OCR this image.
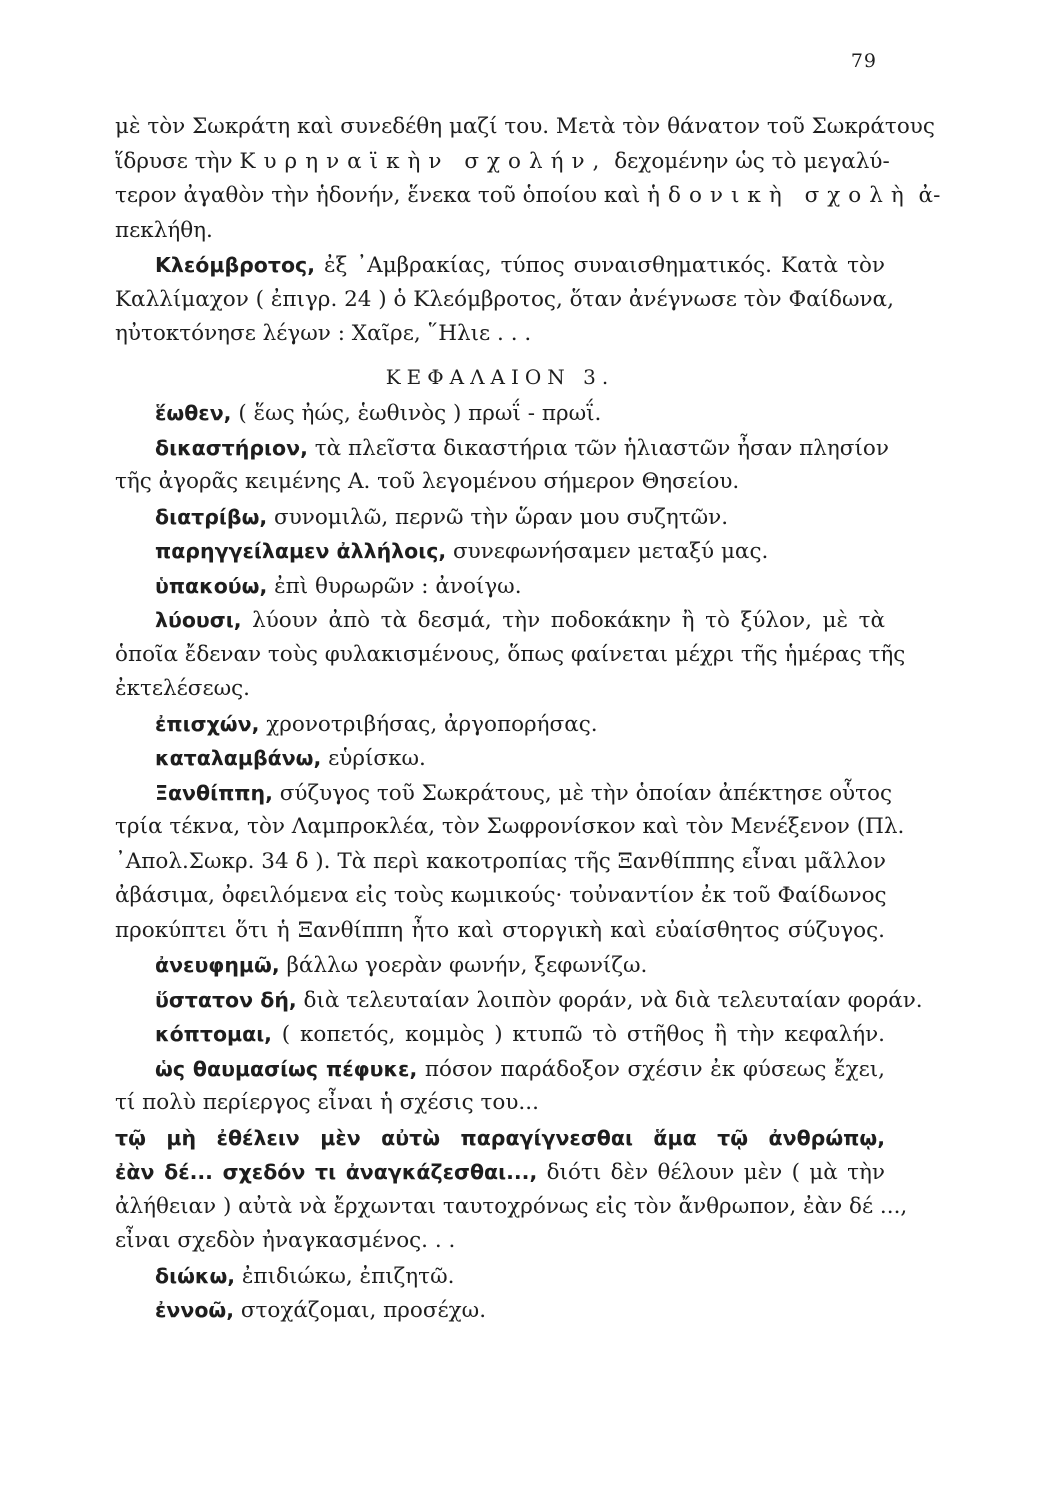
79
μὲ τὸν Σωκράτη καὶ συνεδέθη μαζί του. Μετὰ τὸν θάνατον τοῦ Σωκράτους
ἵδρυσε τὴν Κυρηναϊκὴν σχολήν, δεχομένην ὡς τὸ μεγαλύ-
τερον ἀγαθὸν τὴν ἡδονήν, ἕνεκα τοῦ ὁποίου καὶ ἡδονικὴ σχολὴ ἀ-
πεκλήθη.
Κλεόμβροτος, ἐξ ᾿Αμβρακίας, τύπος συναισθηματικός. Κατὰ τὸν
Καλλίμαχον ( ἐπιγρ. 24 ) ὁ Κλεόμβροτος, ὅταν ἀνέγνωσε τὸν Φαίδωνα,
ηὐτοκτόνησε λέγων : Χαῖρε, ῞Ηλιε . . .
ΚΕΦΑΛΑΙΟΝ 3.
ἕωθεν, ( ἕως ἠώς, ἑωθινὸς ) πρωΐ - πρωΐ.
δικαστήριον, τὰ πλεῖστα δικαστήρια τῶν ἡλιαστῶν ἦσαν πλησίον
τῆς ἀγορᾶς κειμένης Α. τοῦ λεγομένου σήμερον Θησείου.
διατρίβω, συνομιλῶ, περνῶ τὴν ὥραν μου συζητῶν.
παρηγγείλαμεν ἀλλήλοις, συνεφωνήσαμεν μεταξύ μας.
ὑπακούω, ἐπὶ θυρωρῶν : ἀνοίγω.
λύουσι, λύουν ἀπὸ τὰ δεσμά, τὴν ποδοκάκην ἢ τὸ ξύλον, μὲ τὰ
ὁποῖα ἔδεναν τοὺς φυλακισμένους, ὅπως φαίνεται μέχρι τῆς ἡμέρας τῆς
ἐκτελέσεως.
ἐπισχών, χρονοτριβήσας, ἀργοπορήσας.
καταλαμβάνω, εὑρίσκω.
Ξανθίππη, σύζυγος τοῦ Σωκράτους, μὲ τὴν ὁποίαν ἀπέκτησε οὗτος
τρία τέκνα, τὸν Λαμπροκλέα, τὸν Σωφρονίσκον καὶ τὸν Μενέξενον (Πλ.
᾿Απολ.Σωκρ. 34 δ ). Τὰ περὶ κακοτροπίας τῆς Ξανθίππης εἶναι μᾶλλον
ἀβάσιμα, ὀφειλόμενα εἰς τοὺς κωμικούς· τοὐναντίον ἐκ τοῦ Φαίδωνος
προκύπτει ὅτι ἡ Ξανθίππη ἦτο καὶ στοργικὴ καὶ εὐαίσθητος σύζυγος.
ἀνευφημῶ, βάλλω γοερὰν φωνήν, ξεφωνίζω.
ὕστατον δή, διὰ τελευταίαν λοιπὸν φοράν, νὰ διὰ τελευταίαν φοράν.
κόπτομαι, ( κοπετός, κομμὸς ) κτυπῶ τὸ στῆθος ἢ τὴν κεφαλήν.
ὡς θαυμασίως πέφυκε, πόσον παράδοξον σχέσιν ἐκ φύσεως ἔχει,
τί πολὺ περίεργος εἶναι ἡ σχέσις του...
τῷ μὴ ἐθέλειν μὲν αὐτὼ παραγίγνεσθαι ἅμα τῷ ἀνθρώπῳ,
ἐὰν δέ... σχεδόν τι ἀναγκάζεσθαι..., διότι δὲν θέλουν μὲν ( μὰ τὴν
ἀλήθειαν ) αὐτὰ νὰ ἔρχωνται ταυτοχρόνως εἰς τὸν ἄνθρωπον, ἐὰν δέ ...,
εἶναι σχεδὸν ἠναγκασμένος. . .
διώκω, ἐπιδιώκω, ἐπιζητῶ.
ἐννοῶ, στοχάζομαι, προσέχω.
